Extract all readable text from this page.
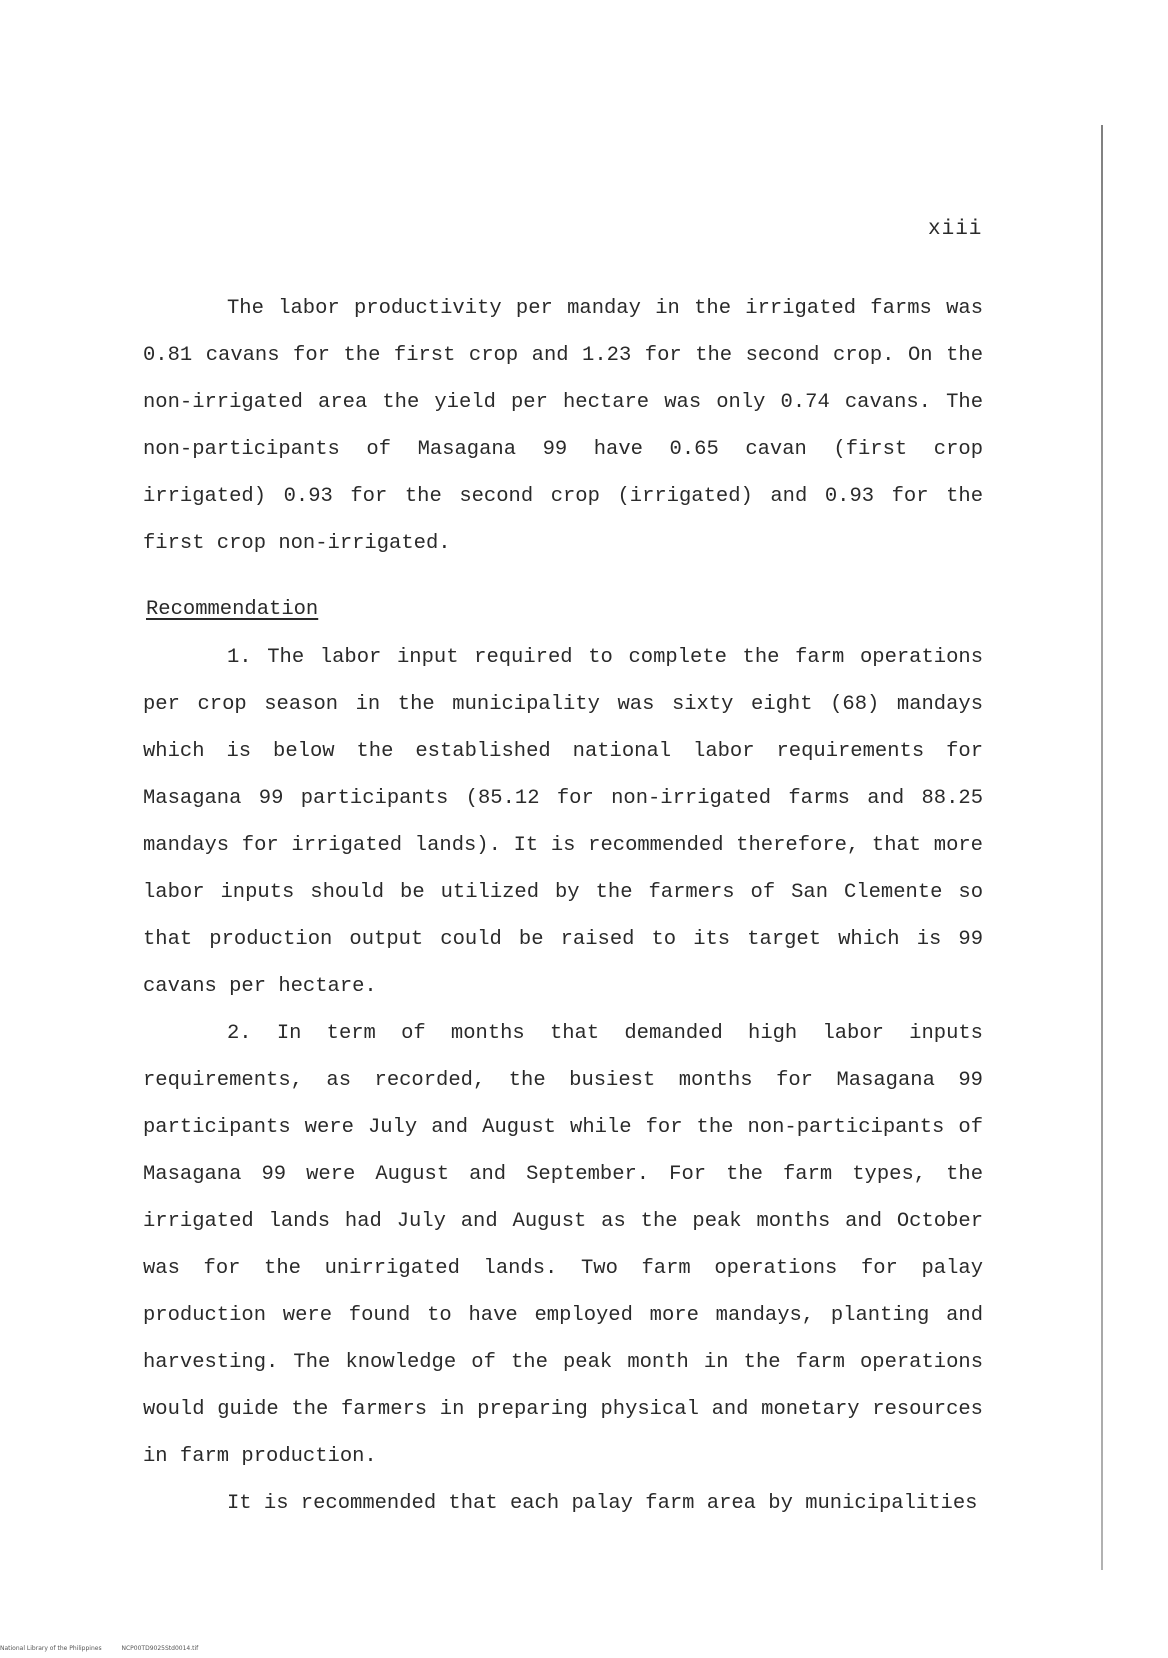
xiii

The labor productivity per manday in the irrigated farms was 0.81 cavans for the first crop and 1.23 for the second crop. On the non-irrigated area the yield per hectare was only 0.74 cavans. The non-participants of Masagana 99 have 0.65 cavan (first crop irrigated) 0.93 for the second crop (irrigated) and 0.93 for the first crop non-irrigated.

Recommendation

1. The labor input required to complete the farm operations per crop season in the municipality was sixty eight (68) mandays which is below the established national labor requirements for Masagana 99 participants (85.12 for non-irrigated farms and 88.25 mandays for irrigated lands). It is recommended therefore, that more labor inputs should be utilized by the farmers of San Clemente so that production output could be raised to its target which is 99 cavans per hectare.

2. In term of months that demanded high labor inputs requirements, as recorded, the busiest months for Masagana 99 participants were July and August while for the non-participants of Masagana 99 were August and September. For the farm types, the irrigated lands had July and August as the peak months and October was for the unirrigated lands. Two farm operations for palay production were found to have employed more mandays, planting and harvesting. The knowledge of the peak month in the farm operations would guide the farmers in preparing physical and monetary resources in farm production.

It is recommended that each palay farm area by municipalities

National Library of the Philippines	NCP00TD9025Std0014.tif
